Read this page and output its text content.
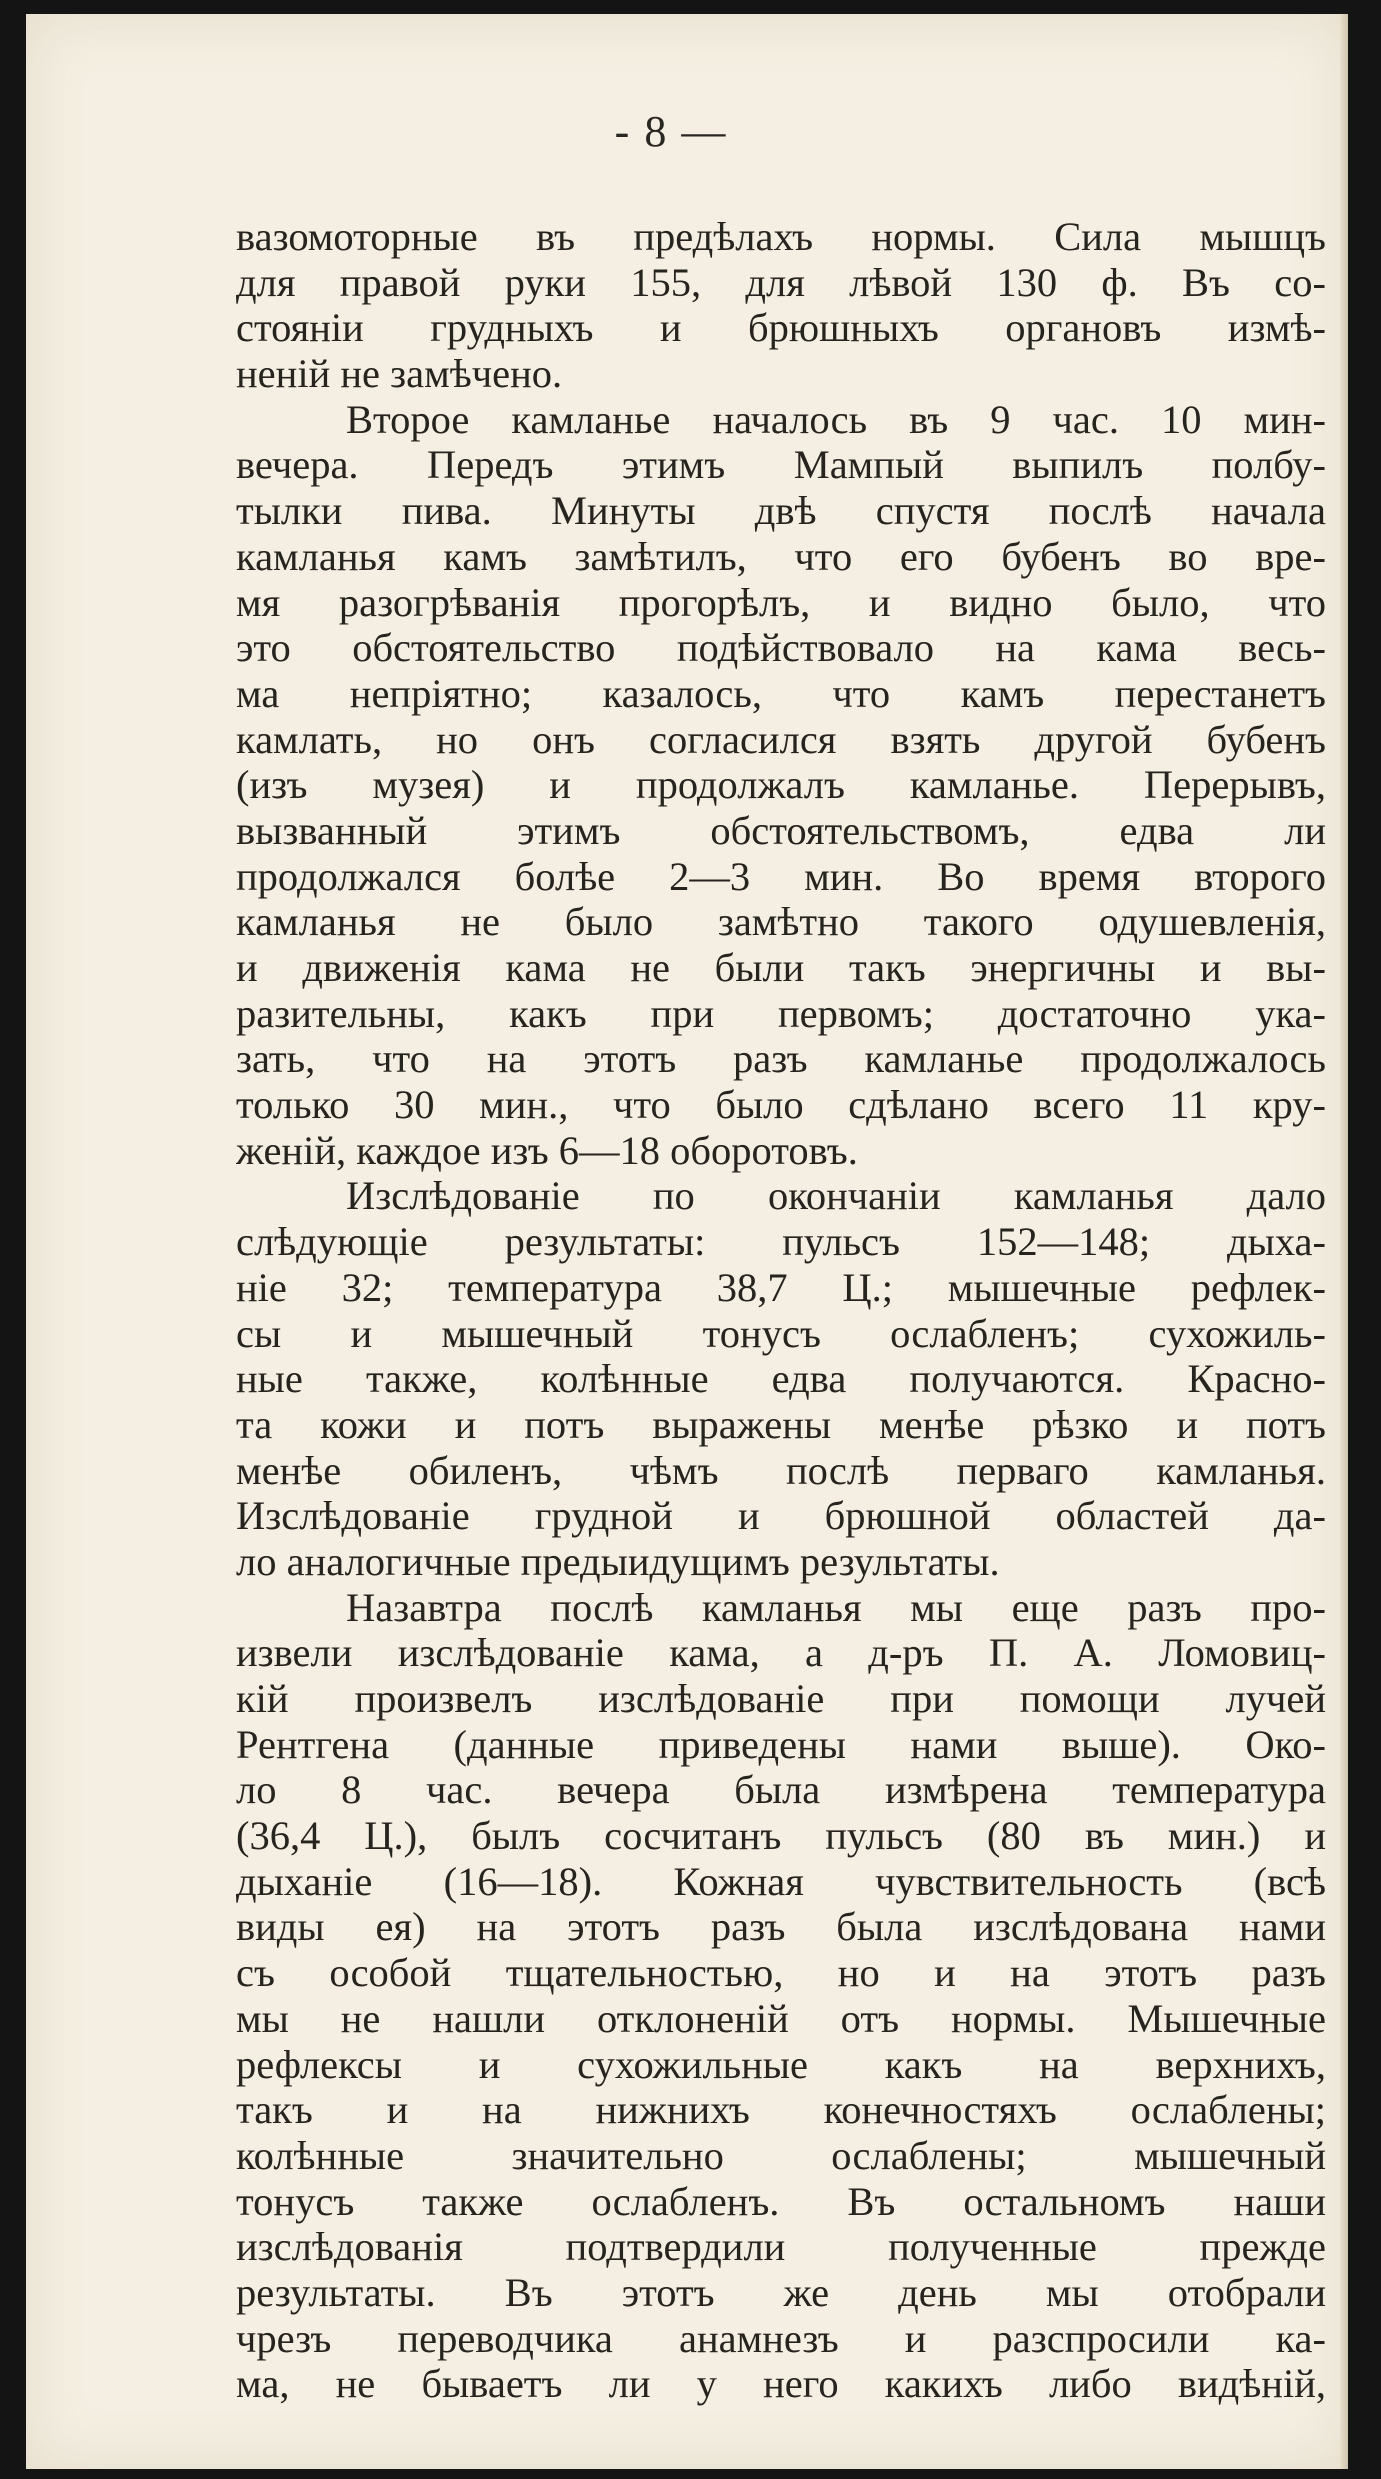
- 8 —
вазомоторные въ предѣлахъ нормы. Сила мышцъ
для правой руки 155, для лѣвой 130 ф. Въ со-
стояніи грудныхъ и брюшныхъ органовъ измѣ-
неній не замѣчено.
Второе камланье началось въ 9 час. 10 мин-
вечера. Передъ этимъ Мампый выпилъ полбу-
тылки пива. Минуты двѣ спустя послѣ начала
камланья камъ замѣтилъ, что его бубенъ во вре-
мя разогрѣванія прогорѣлъ, и видно было, что
это обстоятельство подѣйствовало на кама весь-
ма непріятно; казалось, что камъ перестанетъ
камлать, но онъ согласился взять другой бубенъ
(изъ музея) и продолжалъ камланье. Перерывъ,
вызванный этимъ обстоятельствомъ, едва ли
продолжался болѣе 2—3 мин. Во время второго
камланья не было замѣтно такого одушевленія,
и движенія кама не были такъ энергичны и вы-
разительны, какъ при первомъ; достаточно ука-
зать, что на этотъ разъ камланье продолжалось
только 30 мин., что было сдѣлано всего 11 кру-
женій, каждое изъ 6—18 оборотовъ.
Изслѣдованіе по окончаніи камланья дало
слѣдующіе результаты: пульсъ 152—148; дыха-
ніе 32; температура 38,7 Ц.; мышечные рефлек-
сы и мышечный тонусъ ослабленъ; сухожиль-
ные также, колѣнные едва получаются. Красно-
та кожи и потъ выражены менѣе рѣзко и потъ
менѣе обиленъ, чѣмъ послѣ перваго камланья.
Изслѣдованіе грудной и брюшной областей да-
ло аналогичные предыидущимъ результаты.
Назавтра послѣ камланья мы еще разъ про-
извели изслѣдованіе кама, а д-ръ П. А. Ломовиц-
кій произвелъ изслѣдованіе при помощи лучей
Рентгена (данные приведены нами выше). Око-
ло 8 час. вечера была измѣрена температура
(36,4 Ц.), былъ сосчитанъ пульсъ (80 въ мин.) и
дыханіе (16—18). Кожная чувствительность (всѣ
виды ея) на этотъ разъ была изслѣдована нами
съ особой тщательностью, но и на этотъ разъ
мы не нашли отклоненій отъ нормы. Мышечные
рефлексы и сухожильные какъ на верхнихъ,
такъ и на нижнихъ конечностяхъ ослаблены;
колѣнные значительно ослаблены; мышечный
тонусъ также ослабленъ. Въ остальномъ наши
изслѣдованія подтвердили полученные прежде
результаты. Въ этотъ же день мы отобрали
чрезъ переводчика анамнезъ и разспросили ка-
ма, не бываетъ ли у него какихъ либо видѣній,
